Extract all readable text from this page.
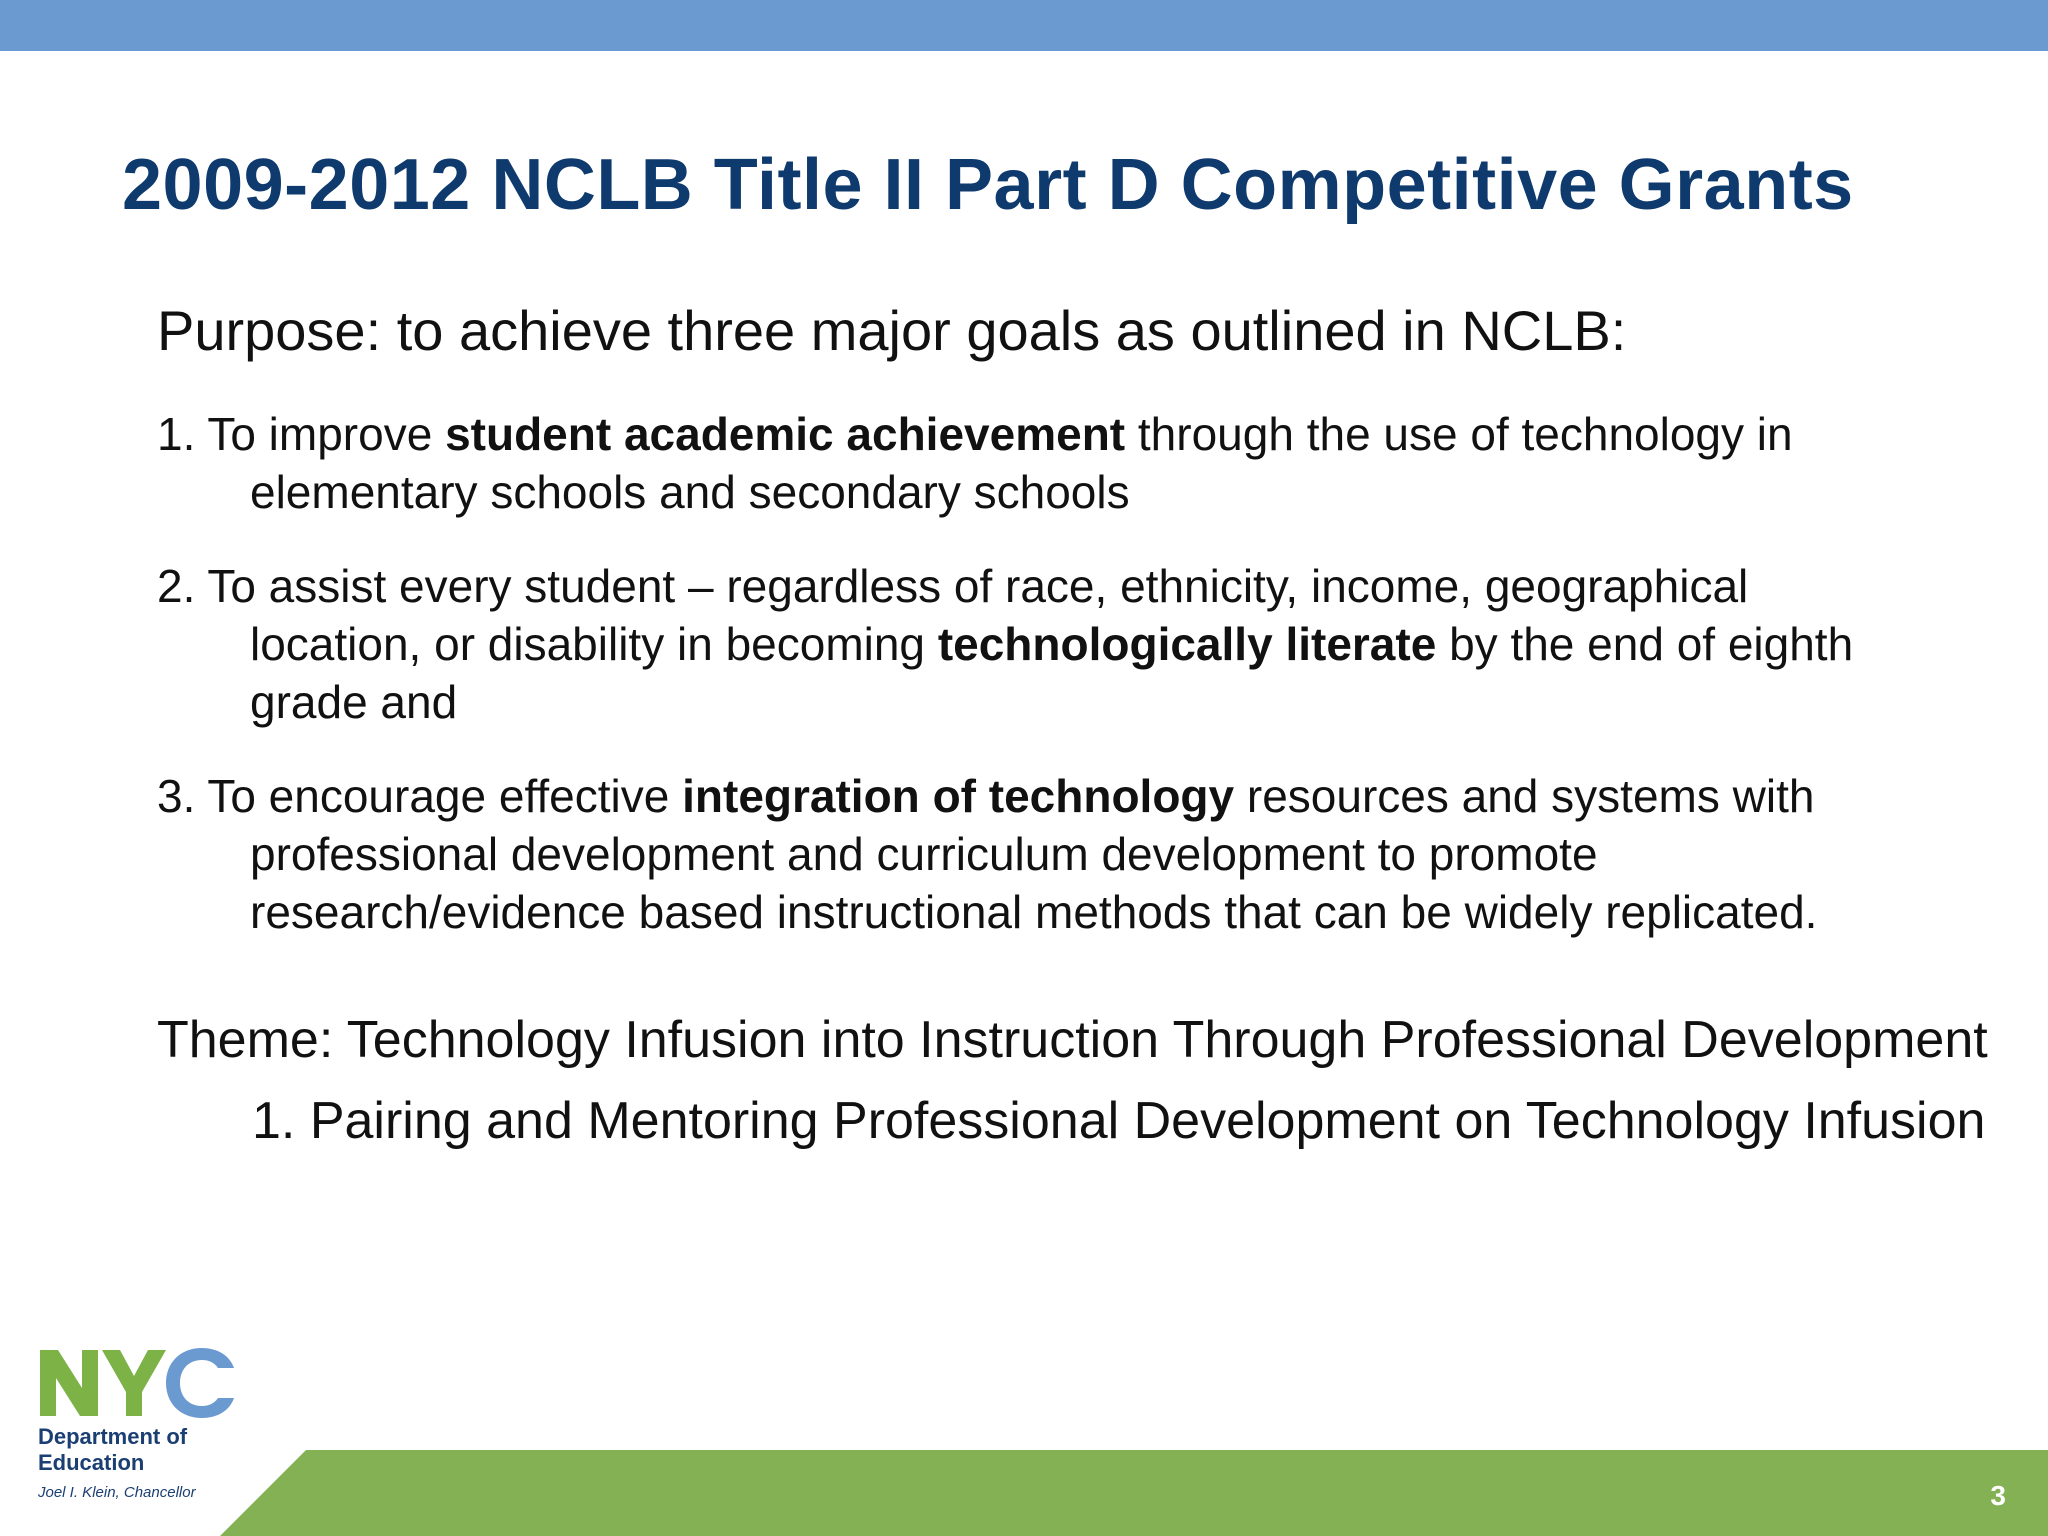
2009-2012 NCLB Title II Part D Competitive Grants
Purpose: to achieve three major goals as outlined in NCLB:
1. To improve student academic achievement through the use of technology in
elementary schools and secondary schools
2. To assist every student – regardless of race, ethnicity, income, geographical
location, or disability in becoming technologically literate by the end of eighth
grade and
3. To encourage effective integration of technology resources and systems with
professional development and curriculum development to promote
research/evidence based instructional methods that can be widely replicated.
Theme: Technology Infusion into Instruction Through Professional Development
1. Pairing and Mentoring Professional Development on Technology Infusion
3
Department of Education
Joel I. Klein, Chancellor
